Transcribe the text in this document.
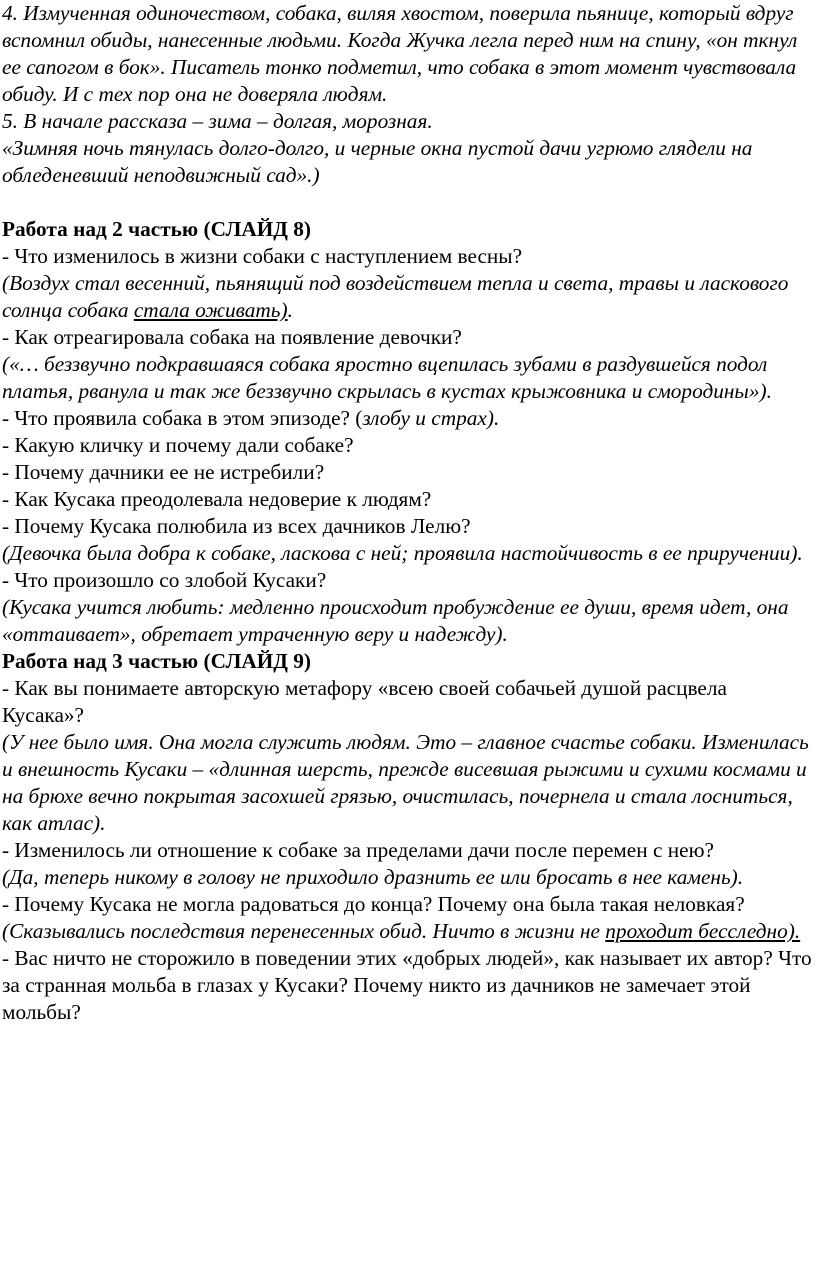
4. Измученная одиночеством, собака, виляя хвостом, поверила пьянице, который вдруг вспомнил обиды, нанесенные людьми. Когда Жучка легла перед ним на спину, «он ткнул ее сапогом в бок». Писатель тонко подметил, что собака в этот момент чувствовала обиду. И с тех пор она не доверяла людям.

5. В начале рассказа – зима – долгая, морозная.

«Зимняя ночь тянулась долго-долго, и черные окна пустой дачи угрюмо глядели на обледеневший неподвижный сад».)

Работа над 2 частью (СЛАЙД 8)

- Что изменилось в жизни собаки с наступлением весны?

(Воздух стал весенний, пьянящий под воздействием тепла и света, травы и ласкового солнца собака стала оживать).

- Как отреагировала собака на появление девочки?

(«… беззвучно подкравшаяся собака яростно вцепилась зубами в раздувшейся подол платья, рванула и так же беззвучно скрылась в кустах крыжовника и смородины»).

- Что проявила собака в этом эпизоде? (злобу и страх).

- Какую кличку и почему дали собаке?

- Почему дачники ее не истребили?

- Как Кусака преодолевала недоверие к людям?

- Почему Кусака полюбила из всех дачников Лелю?

(Девочка была добра к собаке, ласкова с ней; проявила настойчивость в ее приручении).

- Что произошло со злобой Кусаки?

(Кусака учится любить: медленно происходит пробуждение ее души, время идет, она «оттаивает», обретает утраченную веру и надежду).

Работа над 3 частью (СЛАЙД 9)

- Как вы понимаете авторскую метафору «всею своей собачьей душой расцвела Кусака»?

(У нее было имя. Она могла служить людям. Это – главное счастье собаки. Изменилась и внешность Кусаки – «длинная шерсть, прежде висевшая рыжими и сухими космами и на брюхе вечно покрытая засохшей грязью, очистилась, почернела и стала лосниться, как атлас).

- Изменилось ли отношение к собаке за пределами дачи после перемен с нею?

(Да, теперь никому в голову не приходило дразнить ее или бросать в нее камень).

- Почему Кусака не могла радоваться до конца? Почему она была такая неловкая?

(Сказывались последствия перенесенных обид. Ничто в жизни не проходит бесследно).

- Вас ничто не сторожило в поведении этих «добрых людей», как называет их автор? Что за странная мольба в глазах у Кусаки? Почему никто из дачников не замечает этой мольбы?
